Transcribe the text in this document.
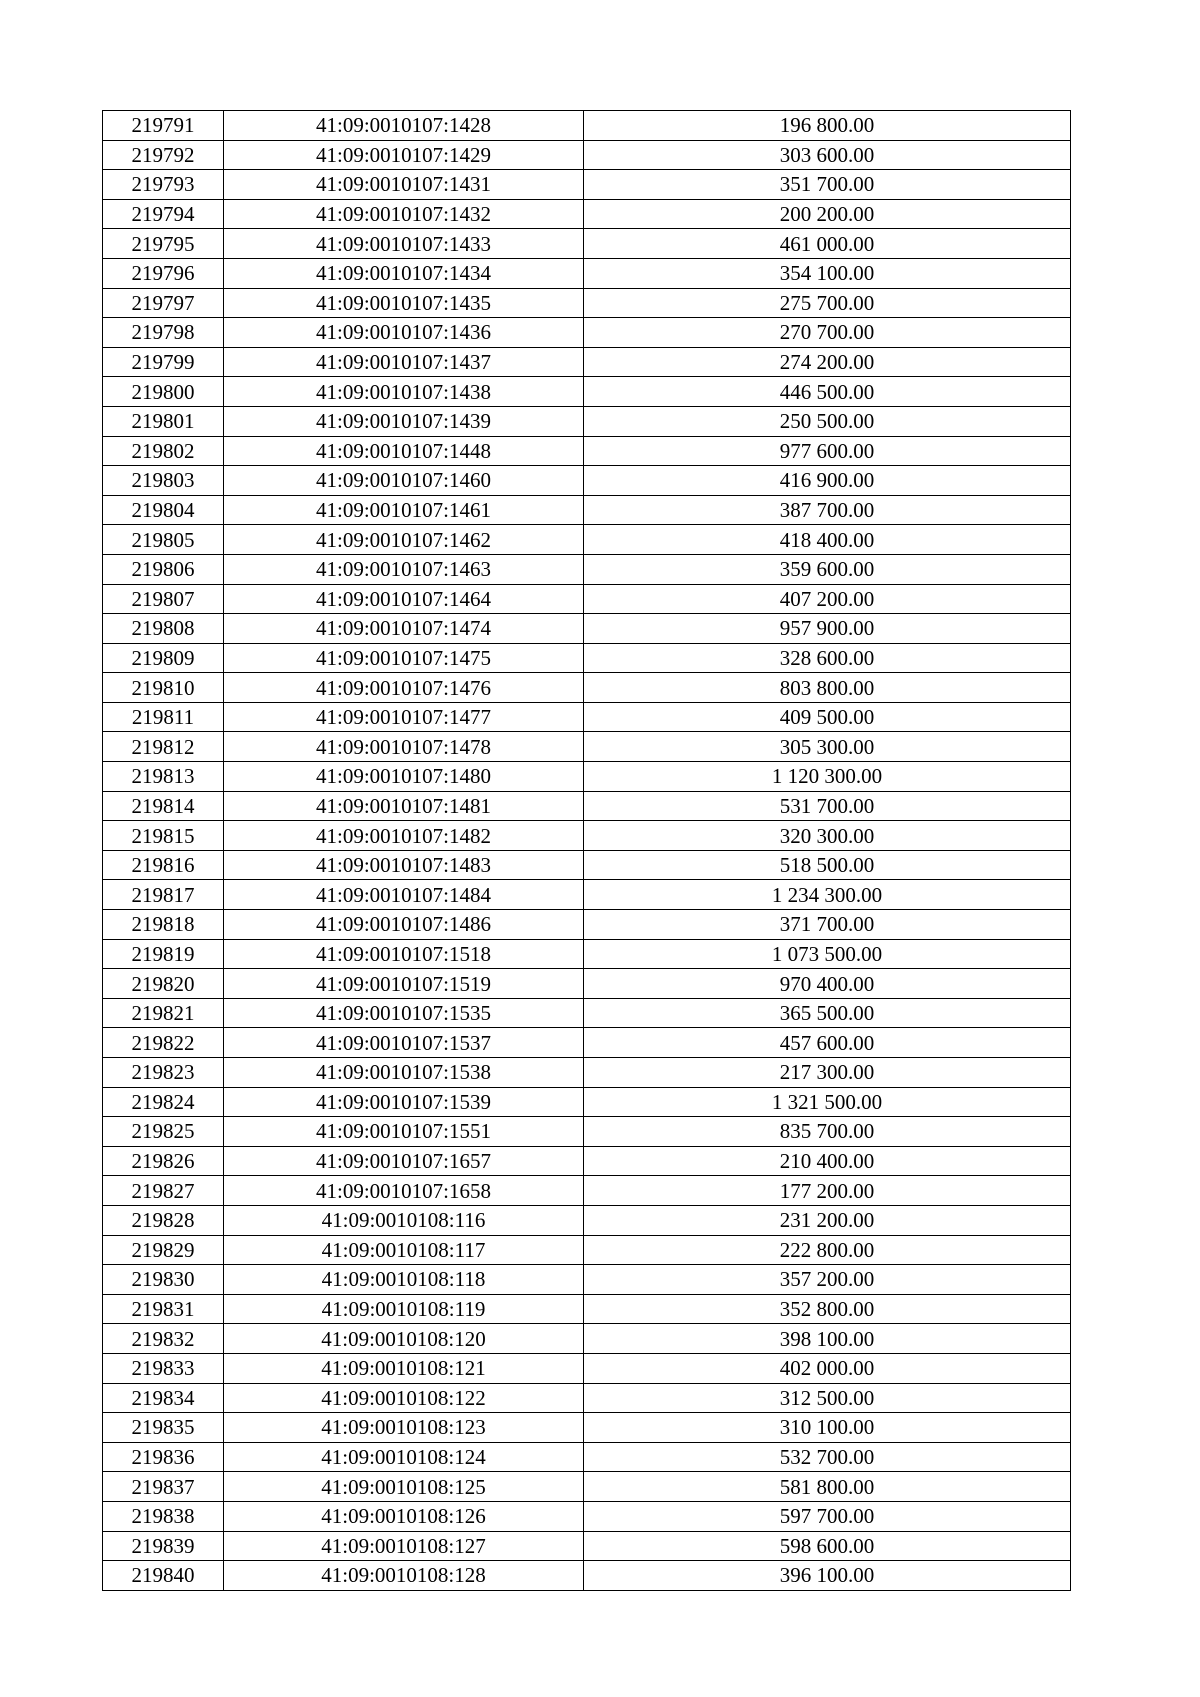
219791	41:09:0010107:1428	196 800.00
219792	41:09:0010107:1429	303 600.00
219793	41:09:0010107:1431	351 700.00
219794	41:09:0010107:1432	200 200.00
219795	41:09:0010107:1433	461 000.00
219796	41:09:0010107:1434	354 100.00
219797	41:09:0010107:1435	275 700.00
219798	41:09:0010107:1436	270 700.00
219799	41:09:0010107:1437	274 200.00
219800	41:09:0010107:1438	446 500.00
219801	41:09:0010107:1439	250 500.00
219802	41:09:0010107:1448	977 600.00
219803	41:09:0010107:1460	416 900.00
219804	41:09:0010107:1461	387 700.00
219805	41:09:0010107:1462	418 400.00
219806	41:09:0010107:1463	359 600.00
219807	41:09:0010107:1464	407 200.00
219808	41:09:0010107:1474	957 900.00
219809	41:09:0010107:1475	328 600.00
219810	41:09:0010107:1476	803 800.00
219811	41:09:0010107:1477	409 500.00
219812	41:09:0010107:1478	305 300.00
219813	41:09:0010107:1480	1 120 300.00
219814	41:09:0010107:1481	531 700.00
219815	41:09:0010107:1482	320 300.00
219816	41:09:0010107:1483	518 500.00
219817	41:09:0010107:1484	1 234 300.00
219818	41:09:0010107:1486	371 700.00
219819	41:09:0010107:1518	1 073 500.00
219820	41:09:0010107:1519	970 400.00
219821	41:09:0010107:1535	365 500.00
219822	41:09:0010107:1537	457 600.00
219823	41:09:0010107:1538	217 300.00
219824	41:09:0010107:1539	1 321 500.00
219825	41:09:0010107:1551	835 700.00
219826	41:09:0010107:1657	210 400.00
219827	41:09:0010107:1658	177 200.00
219828	41:09:0010108:116	231 200.00
219829	41:09:0010108:117	222 800.00
219830	41:09:0010108:118	357 200.00
219831	41:09:0010108:119	352 800.00
219832	41:09:0010108:120	398 100.00
219833	41:09:0010108:121	402 000.00
219834	41:09:0010108:122	312 500.00
219835	41:09:0010108:123	310 100.00
219836	41:09:0010108:124	532 700.00
219837	41:09:0010108:125	581 800.00
219838	41:09:0010108:126	597 700.00
219839	41:09:0010108:127	598 600.00
219840	41:09:0010108:128	396 100.00
